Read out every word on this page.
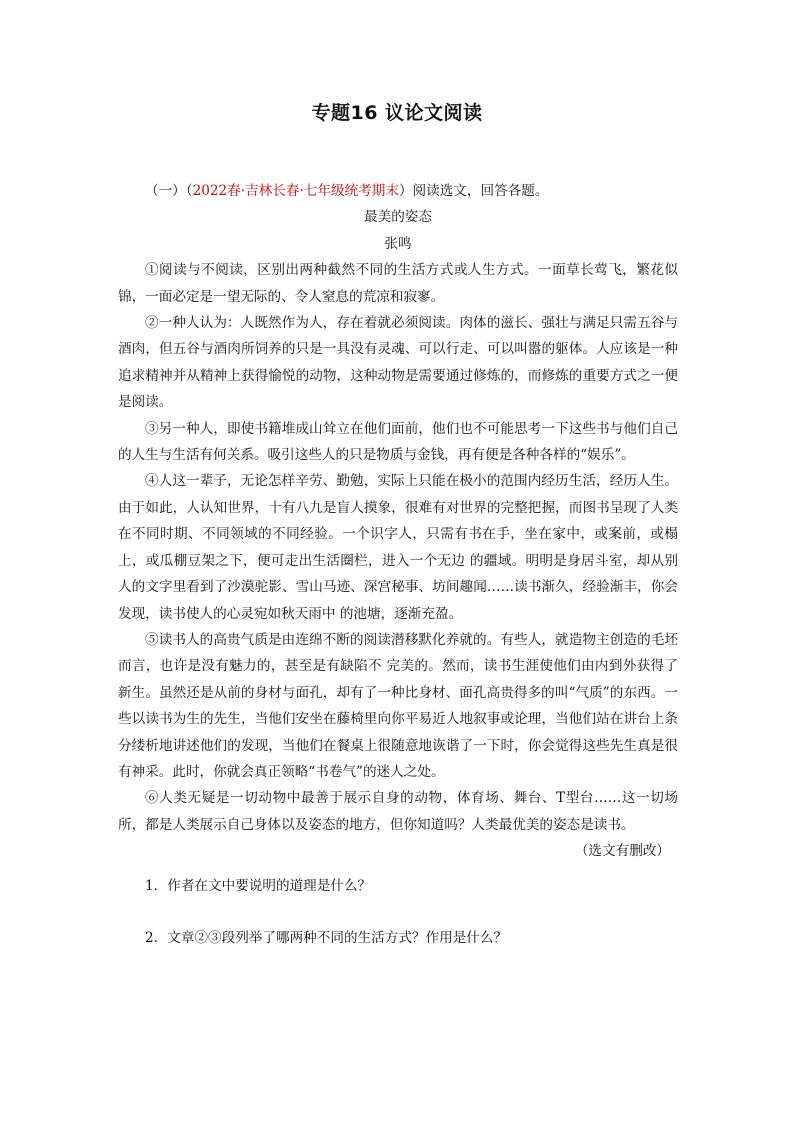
专题16 议论文阅读

（一）（2022春·吉林长春·七年级统考期末）阅读选文，回答各题。

最美的姿态

张鸣

①阅读与不阅读，区别出两种截然不同的生活方式或人生方式。一面草长莺飞，繁花似锦，一面必定是一望无际的、令人窒息的荒凉和寂寥。

②一种人认为：人既然作为人，存在着就必须阅读。肉体的滋长、强壮与满足只需五谷与酒肉，但五谷与酒肉所饲养的只是一具没有灵魂、可以行走、可以叫嚣的躯体。人应该是一种追求精神并从精神上获得愉悦的动物，这种动物是需要通过修炼的，而修炼的重要方式之一便是阅读。

③另一种人，即使书籍堆成山耸立在他们面前，他们也不可能思考一下这些书与他们自己的人生与生活有何关系。吸引这些人的只是物质与金钱，再有便是各种各样的“娱乐”。

④人这一辈子，无论怎样辛劳、勤勉，实际上只能在极小的范围内经历生活，经历人生。由于如此，人认知世界，十有八九是盲人摸象，很难有对世界的完整把握，而图书呈现了人类在不同时期、不同领域的不同经验。一个识字人，只需有书在手，坐在家中，或案前，或榻上，或瓜棚豆架之下，便可走出生活圈栏，进入一个无边 的疆域。明明是身居斗室，却从别人的文字里看到了沙漠驼影、雪山马迹、深宫秘事、坊间趣闻……读书渐久，经验渐丰，你会发现，读书使人的心灵宛如秋天雨中 的池塘，逐渐充盈。

⑤读书人的高贵气质是由连绵不断的阅读潜移默化养就的。有些人，就造物主创造的毛坯而言，也许是没有魅力的，甚至是有缺陷不 完美的。然而，读书生涯使他们由内到外获得了新生。虽然还是从前的身材与面孔，却有了一种比身材、面孔高贵得多的叫“气质”的东西。一些以读书为生的先生，当他们安坐在藤椅里向你平易近人地叙事或论理，当他们站在讲台上条分缕析地讲述他们的发现，当他们在餐桌上很随意地诙谐了一下时，你会觉得这些先生真是很有神采。此时，你就会真正领略“书卷气”的迷人之处。

⑥人类无疑是一切动物中最善于展示自身的动物，体育场、舞台、T型台……这一切场所，都是人类展示自己身体以及姿态的地方，但你知道吗？人类最优美的姿态是读书。

（选文有删改）

1．作者在文中要说明的道理是什么？

2．文章②③段列举了哪两种不同的生活方式？作用是什么？
